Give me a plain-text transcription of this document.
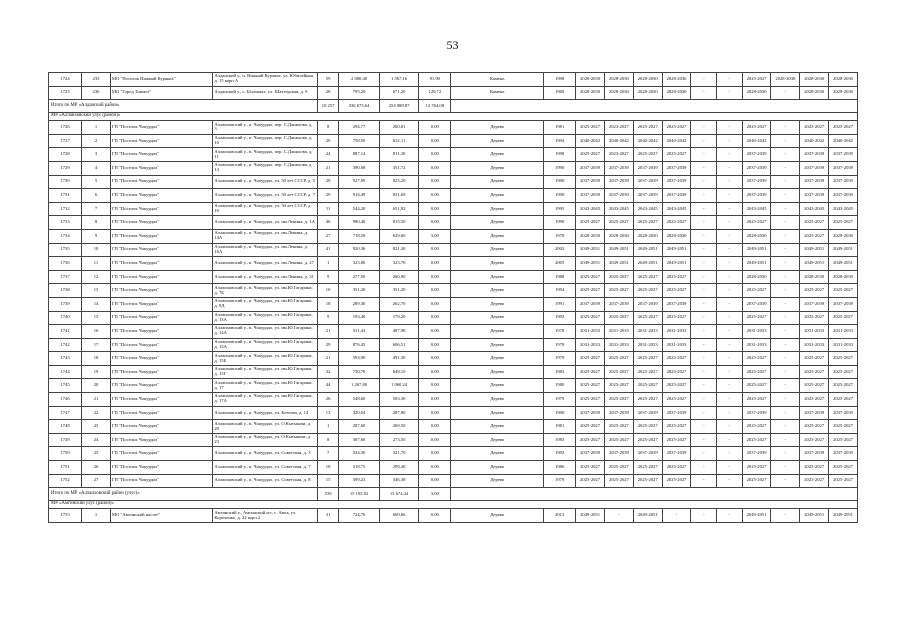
53
1724	235	МО "Поселок Нижний Куранах"	Алданский у., п. Нижний Куранах, ул. Юбилейная, д. 15 корп.А	59	2 080,40	1 567,16	81,90	Камень	1998	2028-2030	2028-2030	2028-2030	2028-2030	-	-	2025-2027	2028-2030	2028-2030	2028-2030
1725	236	МО "Город Томмот"	Алданский у., с. Ыллымах, ул. Шахтерская, д. 9	28	795,20	671,20	120,72	Камень	1969	2028-2030	2028-2030	2028-2030	2028-2030	-	-	2028-2030	-	2028-2030	2028-2030
Итого по МР «Алданский район»				10 257	336 675,64	254 988,87	13 764,08												
МР «Аллаиховский улус (район)»																			
1726	1	ГП "Поселок Чокурдах"	Аллаиховский у., п. Чокурдах, пер. С.Данилова, д. 3	8	294,77	260,81	0,00	Дерево	1981	2025-2027	2023-2027	2025-2027	2025-2027	-	-	2025-2027	-	2025-2027	2025-2027
1727	2	ГП "Поселок Чокурдах"	Аллаиховский у., п. Чокурдах, пер. С.Данилова, д. 10	20	758,50	652,11	0,00	Дерево	1994	2040-2042	2040-2042	2040-2042	2040-2042	-	-	2040-2042	-	2040-2042	2040-2042
1728	3	ГП "Поселок Чокурдах"	Аллаиховский у., п. Чокурдах, пер. С.Данилова, д. 11	24	887,14	811,30	0,00	Дерево	1998	2025-2027	2023-2027	2025-2027	2025-2027	-	-	2037-2039	-	2037-2039	2037-2039
1729	4	ГП "Поселок Чокурдах"	Аллаиховский у., п. Чокурдах, пер. С.Данилова, д. 13	21	390,08	351,72	0,00	Дерево	1990	2037-2039	2037-2039	2037-2039	2037-2039	-	-	2037-2039	-	2037-2039	2037-2039
1730	5	ГП "Поселок Чокурдах"	Аллаиховский у., п. Чокурдах, ул. 50 лет СССР, д. 5	28	927,09	825,29	0,00	Дерево	1990	2037-2039	2037-2039	2037-2039	2037-2039	-	-	2037-2039	-	2037-2039	2037-2039
1731	6	ГП "Поселок Чокурдах"	Аллаиховский у., п. Чокурдах, ул. 50 лет СССР, д. 7	29	914,49	831,69	0,00	Дерево	1990	2037-2039	2037-2039	2037-2039	2037-2039	-	-	2037-2039	-	2037-2039	2037-2039
1732	7	ГП "Поселок Чокурдах"	Аллаиховский у., п. Чокурдах, ул. 50 лет СССР, д. 10	11	544,20	651,82	0,00	Дерево	1995	2043-2045	2043-2045	2043-2045	2043-2045	-	-	2043-2045	-	2043-2045	2043-2045
1733	8	ГП "Поселок Чокурдах"	Аллаиховский у., п. Чокурдах, ул. им.Ленина, д. 1А	46	980,40	815,50	0,00	Дерево	1990	2025-2027	2025-2027	2025-2027	2025-2027	-	-	2025-2027	-	2025-2027	2025-2027
1734	9	ГП "Поселок Чокурдах"	Аллаиховский у., п. Чокурдах, ул. им.Ленина, д. 14А	27	718,50	629,60	3,00	Дерево	1978	2028-2030	2028-2030	2028-2030	2028-2030	-	-	2028-2030	-	2025-2027	2028-2030
1735	10	ГП "Поселок Чокурдах"	Аллаиховский у., п. Чокурдах, ул. им.Ленина, д. 16А	41	920,36	821,30	0,00	Дерево	2002	2049-2051	2049-2051	2049-2051	2049-2051	-	-	2049-2051	-	2049-2051	2049-2051
1736	11	ГП "Поселок Чокурдах"	Аллаиховский у., п. Чокурдах, ул. им.Ленина, д. 27	1	323,80	323,70	0,00	Дерево	2005	2049-2051	2049-2051	2049-2051	2049-2051	-	-	2049-2051	-	2049-2051	2049-2051
1737	12	ГП "Поселок Чокурдах"	Аллаиховский у., п. Чокурдах, ул. им.Ленина, д. 31	9	277,50	260,90	0,00	Дерево	1988	2025-2027	2025-2027	2025-2027	2025-2027	-	-	2028-2030	-	2028-2030	2028-2030
1738	13	ГП "Поселок Чокурдах"	Аллаиховский у., п. Чокурдах, ул. им.Ю.Гагарина, д. 7Б	10	351,20	351,20	0,00	Дерево	1994	2025-2027	2025-2027	2025-2027	2025-2027	-	-	2025-2027	-	2025-2027	2025-2027
1739	14	ГП "Поселок Чокурдах"	Аллаиховский у., п. Чокурдах, ул. им.Ю.Гагарина, д. 9Д	18	289,30	262,70	0,00	Дерево	1991	2037-2039	2037-2039	2037-2039	2037-2039	-	-	2037-2039	-	2037-2039	2037-2039
1740	15	ГП "Поселок Чокурдах"	Аллаиховский у., п. Чокурдах, ул. им.Ю.Гагарина, д. 13А	9	193,40	179,20	0,00	Дерево	1992	2025-2027	2025-2027	2025-2027	2025-2027	-	-	2025-2027	-	2025-2027	2025-2027
1741	16	ГП "Поселок Чокурдах"	Аллаиховский у., п. Чокурдах, ул. им.Ю.Гагарина, д. 14А	21	531,43	487,98	0,00	Дерево	1978	2031-2033	2031-2033	2031-2033	2031-2033	-	-	2031-2033	-	2031-2033	2031-2033
1742	17	ГП "Поселок Чокурдах"	Аллаиховский у., п. Чокурдах, ул. им.Ю.Гагарина, д. 15А	29	876,45	606,51	0,00	Дерево	1978	2031-2033	2031-2033	2031-2033	2031-2033	-	-	2031-2033	-	2031-2033	2031-2033
1743	18	ГП "Поселок Чокурдах"	Аллаиховский у., п. Чокурдах, ул. им.Ю.Гагарина, д. 15Б	21	593,90	491,30	0,00	Дерево	1979	2025-2027	2025-2027	2025-2027	2025-2027	-	-	2025-2027	-	2025-2027	2025-2027
1744	19	ГП "Поселок Чокурдах"	Аллаиховский у., п. Чокурдах, ул. им.Ю.Гагарина, д. 15Г	32	730,70	648,10	0,00	Дерево	1983	2025-2027	2025-2027	2025-2027	2025-2027	-	-	2025-2027	-	2025-2027	2025-2027
1745	20	ГП "Поселок Чокурдах"	Аллаиховский у., п. Чокурдах, ул. им.Ю.Гагарина, д. 17	44	1 267,80	1 060,24	0,00	Дерево	1980	2025-2027	2025-2027	2025-2027	2025-2027	-	-	2025-2027	-	2025-2027	2025-2027
1746	21	ГП "Поселок Чокурдах"	Аллаиховский у., п. Чокурдах, ул. им.Ю.Гагарина, д. 17А	26	548,60	503,30	0,00	Дерево	1979	2025-2027	2025-2027	2025-2027	2025-2027	-	-	2025-2027	-	2025-2027	2025-2027
1747	22	ГП "Поселок Чокурдах"	Аллаиховский у., п. Чокурдах, ул. Ботоева, д. 14	13	320,04	287,80	0,00	Дерево	1990	2037-2039	2037-2039	2037-2039	2037-2039	-	-	2037-2039	-	2037-2039	2037-2039
1748	23	ГП "Поселок Чокурдах"	Аллаиховский у., п. Чокурдах, ул. О.Кытыкова, д. 20	1	287,60	269,50	0,00	Дерево	1981	2025-2027	2025-2027	2025-2027	2025-2027	-	-	2025-2027	-	2025-2027	2025-2027
1749	24	ГП "Поселок Чокурдах"	Аллаиховский у., п. Чокурдах, ул. О.Кытыкова, д. 23	8	307,60	273,50	0,00	Дерево	1983	2025-2027	2025-2027	2025-2027	2025-2027	-	-	2025-2027	-	2025-2027	2025-2027
1750	25	ГП "Поселок Чокурдах"	Аллаиховский у., п. Чокурдах, ул. Советская, д. 3	7	334,30	321,70	0,00	Дерево	1992	2037-2039	2037-2039	2037-2039	2037-2039	-	-	2037-2039	-	2037-2039	2037-2039
1751	26	ГП "Поселок Чокурдах"	Аллаиховский у., п. Чокурдах, ул. Советская, д. 7	18	318,75	299,40	0,00	Дерево	1986	2025-2027	2025-2027	2025-2027	2025-2027	-	-	2025-2027	-	2025-2027	2025-2027
1752	27	ГП "Поселок Чокурдах"	Аллаиховский у., п. Чокурдах, ул. Советская, д. 8	15	399,23	346,38	0,00	Дерево	1979	2025-2027	2025-2027	2025-2027	2025-2027	-	-	2025-2027	-	2025-2027	2025-2027
Итого по МР «Аллаиховский район (улус)»				539	15 195,92	13 674,44	3,00												
МР «Амгинский улус (район)»																			
1753	1	МО "Амгинский наслег"	Амгинский у., Амгинский н-г, с. Амга, ул. Короленко, д. 22 корп.2	31	724,70	669,66	0,00	Дерево	2013	2049-2051	-	2049-2051	-	-	-	2049-2051	-	2049-2051	2049-2051
